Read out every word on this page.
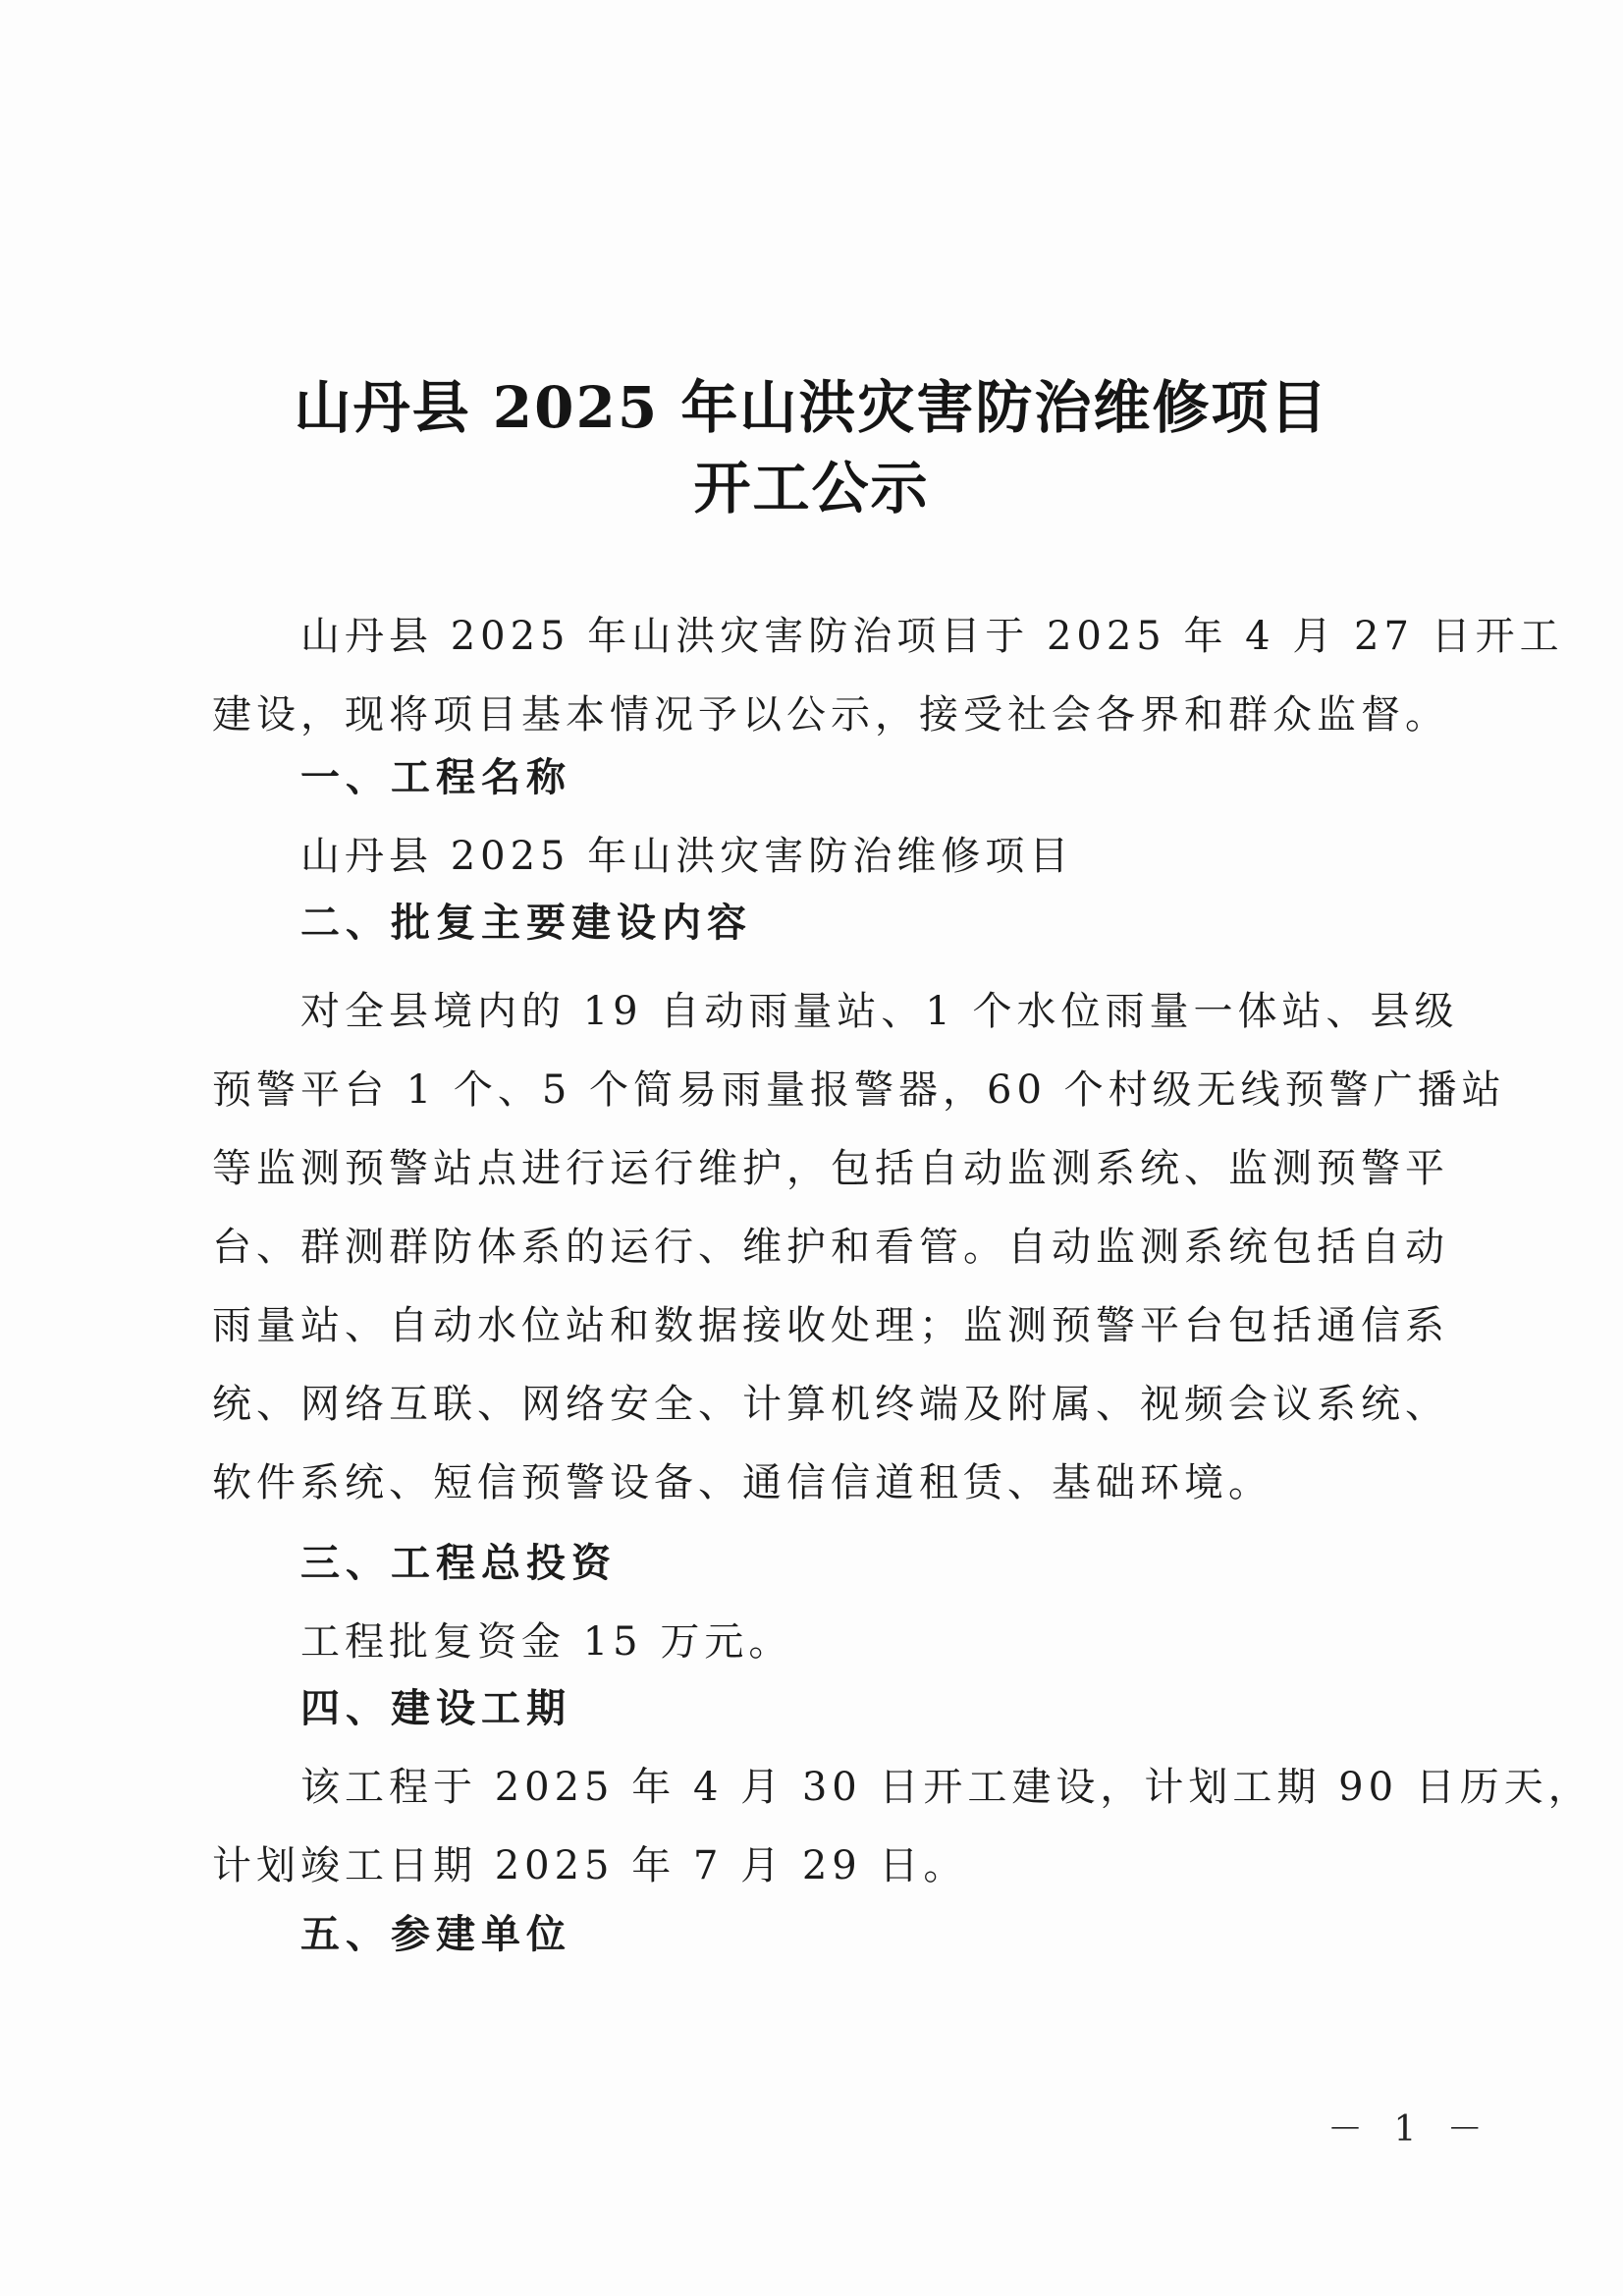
山丹县 2025 年山洪灾害防治维修项目
开工公示
山丹县 2025 年山洪灾害防治项目于 2025 年 4 月 27 日开工
建设，现将项目基本情况予以公示，接受社会各界和群众监督。
一、工程名称
山丹县 2025 年山洪灾害防治维修项目
二、批复主要建设内容
对全县境内的 19 自动雨量站、1 个水位雨量一体站、县级
预警平台 1 个、5 个简易雨量报警器，60 个村级无线预警广播站
等监测预警站点进行运行维护，包括自动监测系统、监测预警平
台、群测群防体系的运行、维护和看管。自动监测系统包括自动
雨量站、自动水位站和数据接收处理；监测预警平台包括通信系
统、网络互联、网络安全、计算机终端及附属、视频会议系统、
软件系统、短信预警设备、通信信道租赁、基础环境。
三、工程总投资
工程批复资金 15 万元。
四、建设工期
该工程于 2025 年 4 月 30 日开工建设，计划工期 90 日历天，
计划竣工日期 2025 年 7 月 29 日。
五、参建单位
－ 1 －
